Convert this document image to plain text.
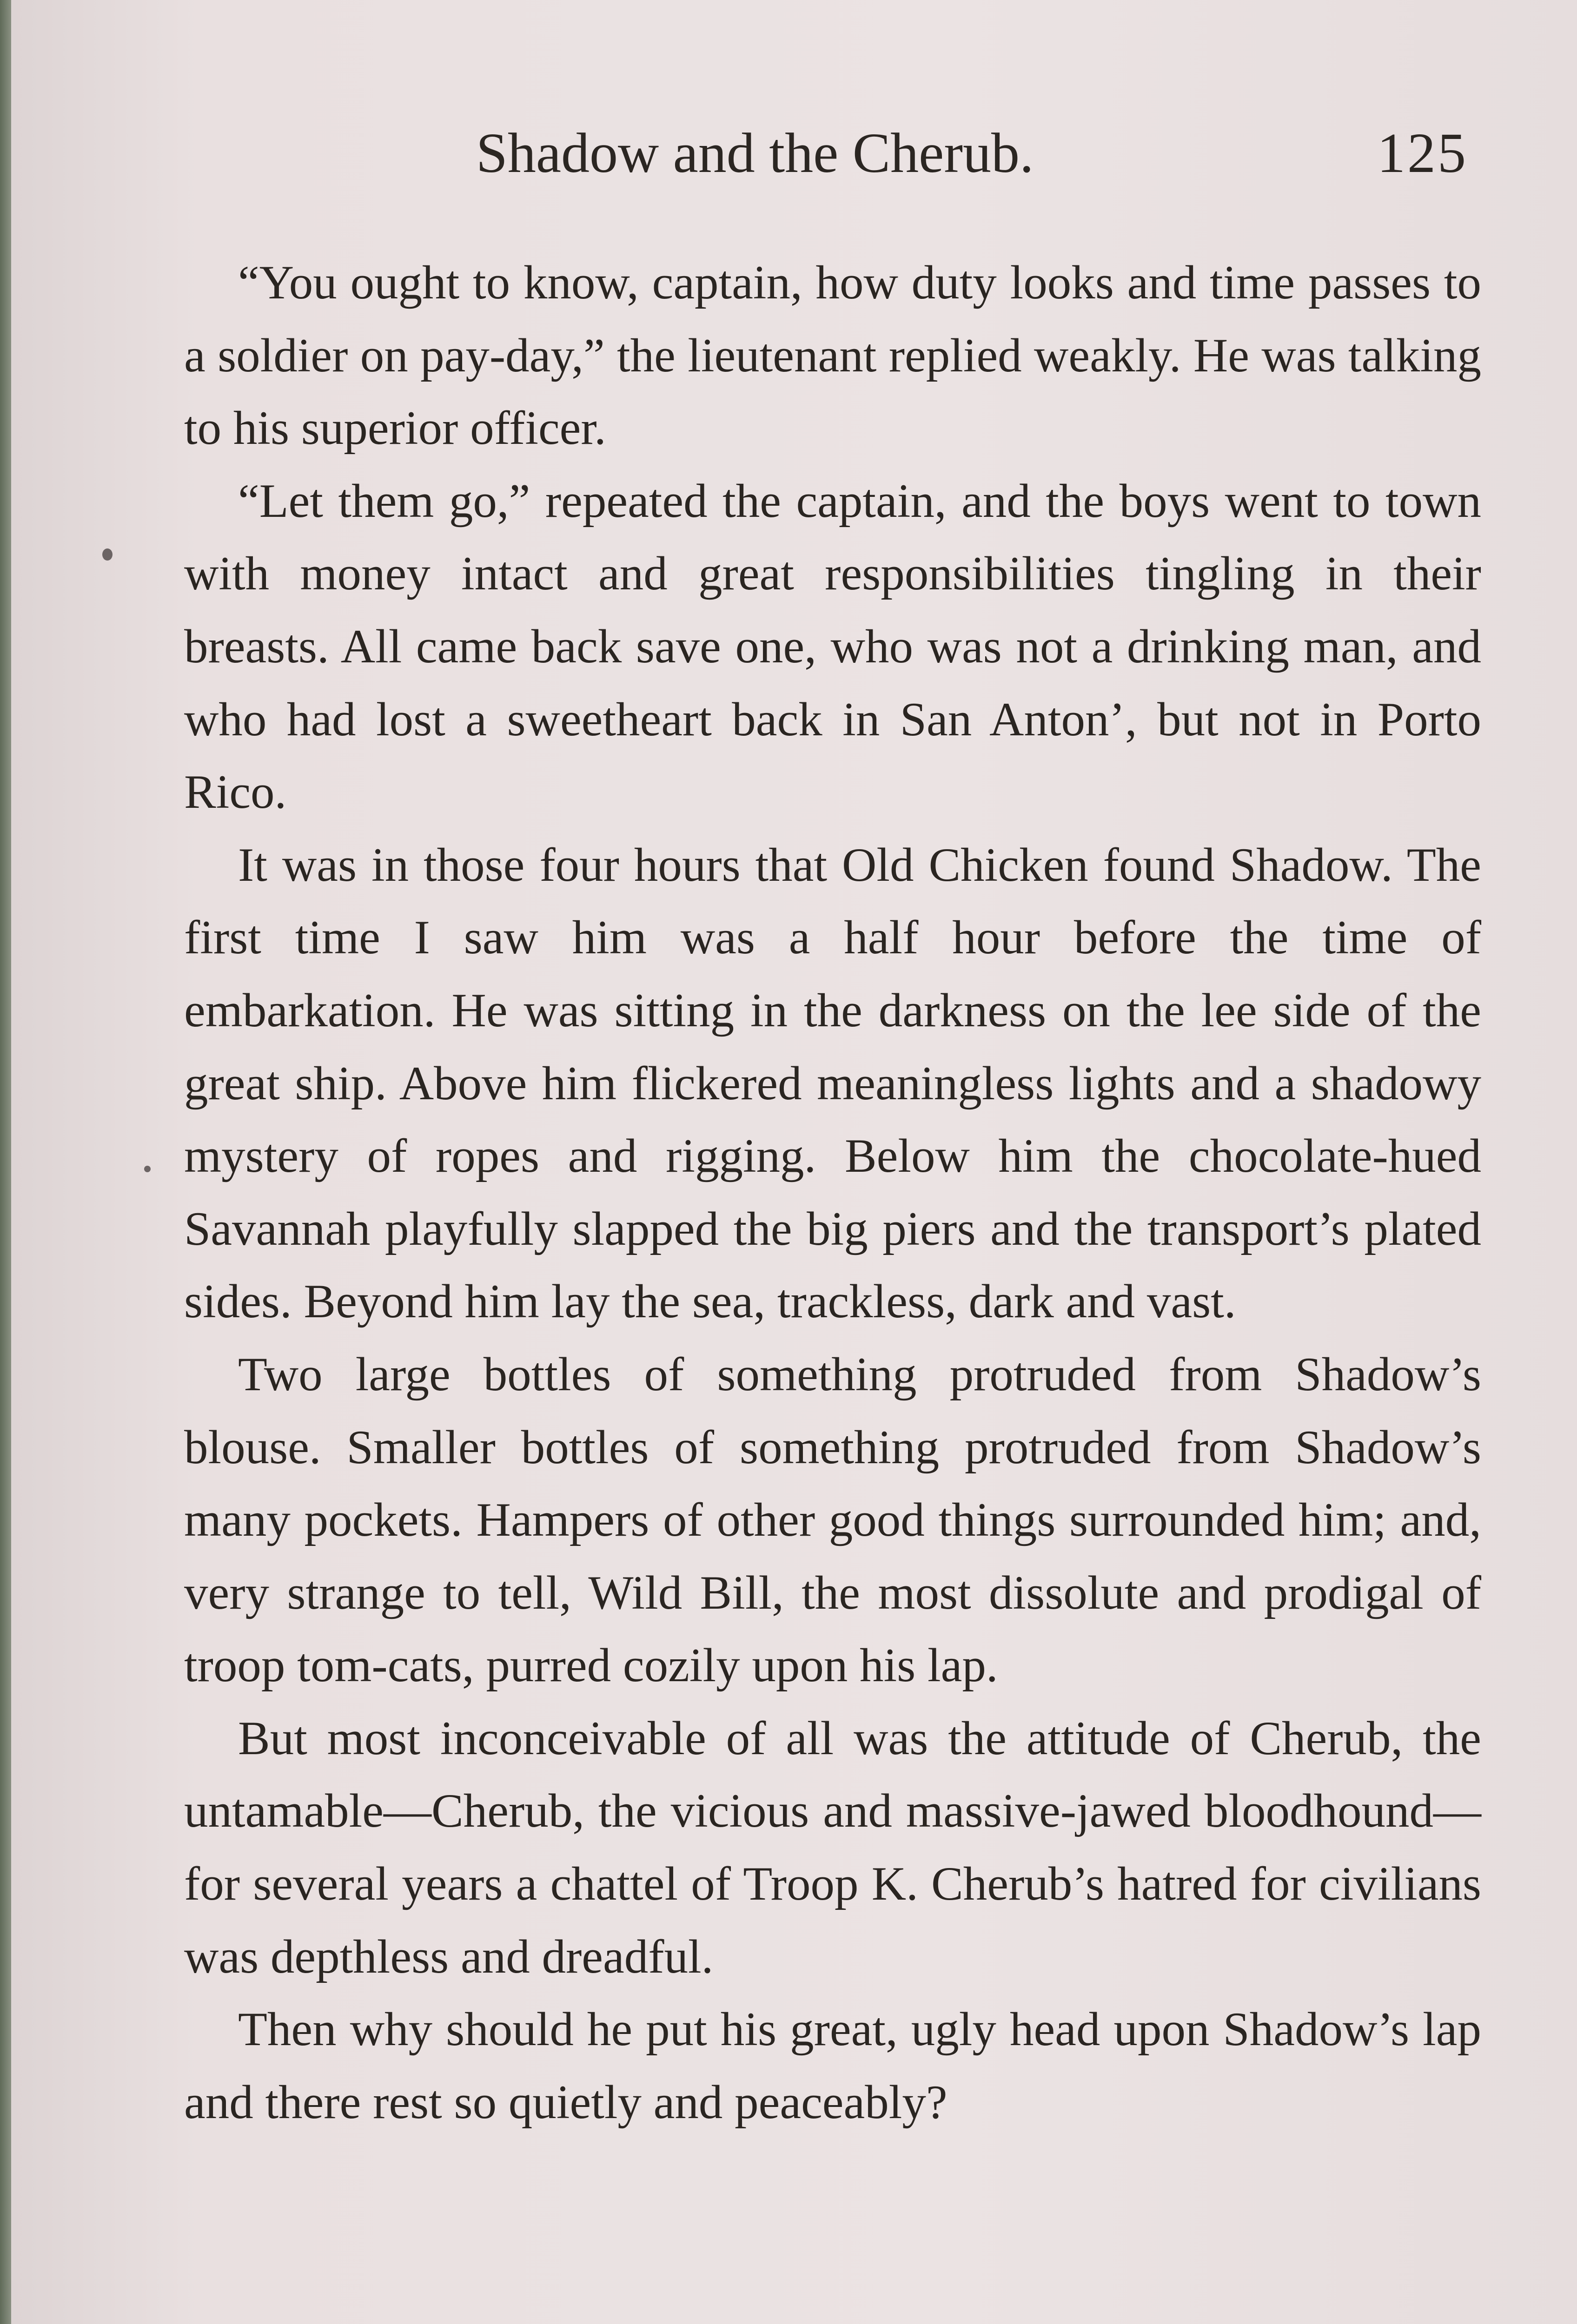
Shadow and the Cherub.	125

“You ought to know, captain, how duty looks and time passes to a soldier on pay-day,” the lieutenant replied weakly. He was talking to his superior officer.

“Let them go,” repeated the captain, and the boys went to town with money intact and great responsibilities tingling in their breasts. All came back save one, who was not a drinking man, and who had lost a sweetheart back in San Anton’, but not in Porto Rico.

It was in those four hours that Old Chicken found Shadow. The first time I saw him was a half hour before the time of embarkation. He was sitting in the darkness on the lee side of the great ship. Above him flickered meaningless lights and a shadowy mystery of ropes and rigging. Below him the chocolate-hued Savannah playfully slapped the big piers and the transport’s plated sides. Beyond him lay the sea, trackless, dark and vast.

Two large bottles of something protruded from Shadow’s blouse. Smaller bottles of something protruded from Shadow’s many pockets. Hampers of other good things surrounded him; and, very strange to tell, Wild Bill, the most dissolute and prodigal of troop tom-cats, purred cozily upon his lap.

But most inconceivable of all was the attitude of Cherub, the untamable—Cherub, the vicious and massive-jawed bloodhound—for several years a chattel of Troop K. Cherub’s hatred for civilians was depthless and dreadful.

Then why should he put his great, ugly head upon Shadow’s lap and there rest so quietly and peaceably?
